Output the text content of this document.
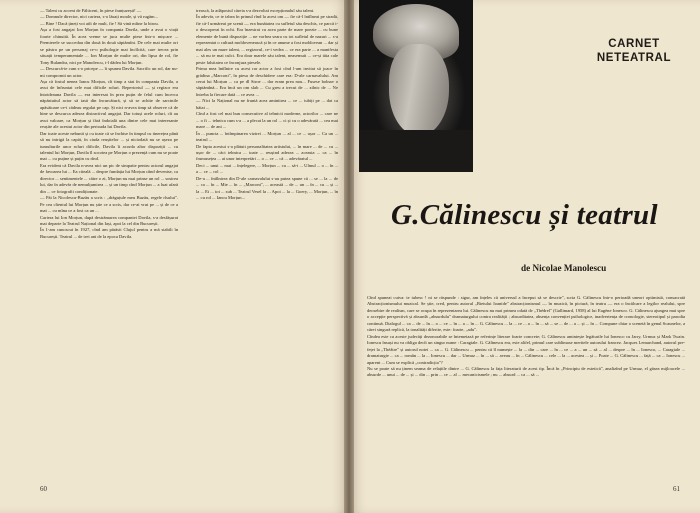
— Talent cu accent de Fălticeni, în piese franțuzești! —

— Domnule director, nici cariera, s-o lăsați moale, și vă rugăm...

— Bine ! Dacă țineți voi atît de mult, fie ! Să vină mîine la birou.

Așa a fost angajat Ion Morțun în compania Davila, unde a avut o viață foarte chinuită. În acea vreme se juca multe piese într-o mișcare ... Premierele se succedau din două în două săptămîni. De cele mai multe ori se păstra pe un personaj ce-o psihologie mai încîlcită, care trecea prin situații temperamentale ... Ion Morțun de multe ori, din lipsa de rol, fie Tony Bulandra, nici pe Manolescu, t-l dădea lui Morțun.

— Descurcă-te cum s-o pricepe — îi spunea Davila. Sacrific un rol, dar nu-mi compromit un actor.

Așa că fostul nenea Iancu Morțun, cît timp a stat în compania Davila, a avut de înfruntat cele mai dificile roluri. Repertoriul — și regizor era întotdeauna Davila — era interesat în prea puțin de felul cum încerca năpăstuitul actor să iasă din încurcătură, și să se achite de sarcinile apăsătoare ce-i cădeau regulat pe cap. Și nici n-avea timp să observe că de bine se descurca adesea distractivul angajat. Dar totuși acele roluri, cît au avut valoare, ca Morțun și fără îndoială una dintre cele mai interesante reușite ale acestui actor din perioada lui Davila.

Dar toate aceste nebunii și cu toate că se închise în timpul cu tinerețea până să nu intrigă la capăt, în ciuda reușitelor ... și niciodată nu se așeza pe tumulturile unor roluri dificile, Davila îi acorda altor dispoziții ... cu talentul lui Morțun, Davila îl socotea pe Morțun o prezență cum nu se poate mai ... cu puține și puțin cu rînd.

Era evident că Davila n-avea nici un pic de simpatie pentru actorul angajat de favoarea lui ... Ea citeală ... despre fundația lui Morțun când devenise, ca director ... sentimentele ... către o zi, Morțun nu mai prinse un rol ... sosirea lui, dar în adevăr de nemulțumirea ... și un timp cînd Morțun ... a luat afară din ... ce fotografii condiționate.

— Păi la Nicolescu-Buzău a scris : „drăguțule meu Buzău, regele rîsului". Pe cea clientul lui Morțun nu știe ce a scris, dar ce-ai vrut pe ... și de ce a mai ... cu mîna ce a fost ca un ...

Cariera lui Ion Morțun, după destrămarea companiei Davila, s-a desfășurat mai departe la Teatrul Național din Iași, apoi la cel din București.

În 1-am cunoscut în 1927, cînd am părăsit Clujul pentru a mă stabili în București. Teatrul ... de trei ani de la epoca Davila.

trească, la adăpostul căreia s-a dezvoltat excepționalul său talent.

În adevăr, ce te izbea în primul rînd la acest om — fie că-l întîlneai pe stradă, fie că-l urmăreai pe scenă — era bunătatea cu sufletul său deschis, ce parcă i-o descoperai în ochi. Era înzestrat cu acea parte de mare poezie ... cu bune elemente de bună dispoziție ... ne vorbea seara cu tot sufletul de nazuri ... s-a reprezentat o cultură moldovenească și în ce anume a fost moldovean ... dar și mai ales un mare talent, ... regizorul, ce-i vedea ... ce era parte ... a manifesta ... să nu te mai culci. Era doar marele său talent, neasemuit ... ce-și tăia cale peste falsitatea ce înconjura piesele.

Prima mea întîlnire cu acest rar actor a fost cînd l-am invitat să joace în grădina „Marconi", în piesa de deschidere care era: D-ale carnavalului. Am cerut lui Morțun ... ca pe dl Stroe ... dar eram prea nou... Fusese bolnav o săptămînă... Era încă un om slab ... Cu greu a trecut de ... zilnic de ... Ne întreba la fiecare dată ... ce avea ...

— Nici la Național nu ne fruntă acea amintirea ... ce ... iubiți pe ... dat ca băiat ...

Cînd a fost cel mai bun consecutive al tehnicii moderne, actorilor ... care ne ... o fi ... tehnica cum s-a ... a plecat la un rol ... ci și cu o adevărată ... cea mai mare ... de ani ...

În ... puncta ... întîmpinarea vizirei ... Morțun ... al ... ce ... ușor ... Ca un ... teatrul ...

De fapta acestui s-a plătuit personalitatea artistului, ... în mare ... de ... cu ... ușor de ... căci tehnica ... toate ... reușind adesea ... aceasta ... ca ... în frumusețea ... ai unor interpretări ... o ... ce ... că ... adevăratul ...

Deci ... unui ... mai ... înțelegere, ... Morțun ... cu ... să-i ... Ulmul ... o ... în ... a ... ce ... rol ...

De-a ... întîlnirea din D-ale carnavalului s-au putea spune că ... se ... la ... de ... ca ... în ... Mie ... în ... „Marconi", ... această ... de ... un ... în ... cu ... și ... la ... Ei ... tot ... sub ... Teatrul Vesel la ... Apoi ... la ... Goery, ... Morțun, ... în ... cu rol ... Iancu Morțun...

60
CARNET
NETEATRAL
G.Călinescu și teatrul
de Nicolae Manolescu

Cînd spuneai cuiva: te iubesc ! ni se răspunde : sigur, am înțeles că universul a început să se descrie", scria G. Călinescu într-o perioadă uneori optimistă, consacrată Abstracționismului muzical. Se știe, cred, pentru autorul „Bietului Ioanide" abstracționismul — în muzică, în pictură, în teatru — era o încălcare a legilor realului, spre deosebire de realism, care se ocupa în reprezentarea lui. Călinescu nu mai primea odată de „Thédrel" (Gallimard, 1958) al lui Eugène Ionesco. G. Călinescu ajungea mai spre o accepție perspectivă și absurdă „absurdulu" dramaturgului contra realității ; absurditatea, absența convenției psihologice, inadvertența de cronologie, stereotipul și parodia continuă. Dialogul ... ca ... de ... în ... o ... ce ... în ... a ... în ... G. Călinescu ... la ... ce ... a ... în ... să ... se ... de ... a ... și ... în ... Compune chiar o scenetă în genul Scaunelor, a cărei singură replică, la tonalități diferite, este: foarte, „adu".

Cîndea este cu aceste judecăți dezonorabile se întemeiază pe referințe literare foarte concrete; G. Călinescu amintește legăturile lui Ionesco cu Jarry, Urmuz și Mark Twain. Ionescu însuși nu va obliga decît un singur nume : Caragiale. G. Călinescu era, este altfel, primul care sublimase meritele autorului francez. Jacques Lemarchand, autorul prefeței la „Théâtre" și autorul notei ... ca ... G. Călinescu ... pentru că îl numește ... la ... din ... care ... în ... ce ... a ... un ... să ... al ... despre ... în ... Ionesco, ... Caragiale ... dramaturgie ... ca ... român ... la ... Ionescu ... dar ... Urmuz ... în ... să ... aveau ... în ... Călinescu ... cele ... la ... acestea ... și ... Poate ... G. Călinescu ... față ... ca ... Ionescu ... aparent ... Cum se explică „contradicția"?

Nu se poate să nu ținem seama de relațiile dintre ... G. Călinescu la fața literaturii de acest tip. Încă în „Principiu de estetică", analizînd pe Urmuz, el găsea mijloacele ... absurde ... unui ... de ... și ... din ... prin ... ce ... al ... mecanicismele ; nu ... absurd ... ca ... să ...

61
